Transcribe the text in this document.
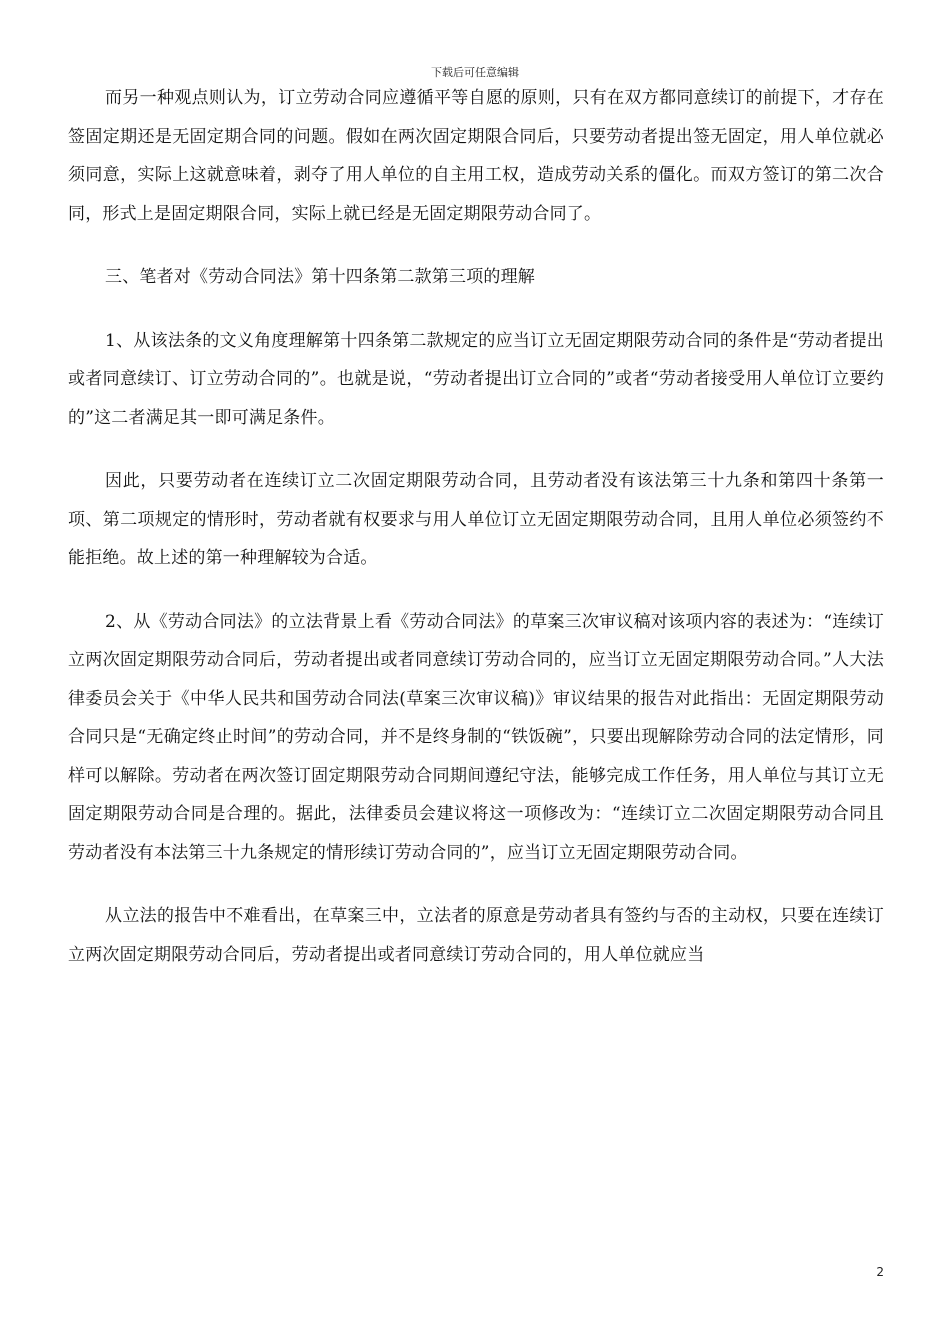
下载后可任意编辑

而另一种观点则认为，订立劳动合同应遵循平等自愿的原则，只有在双方都同意续订的前提下，才存在签固定期还是无固定期合同的问题。假如在两次固定期限合同后，只要劳动者提出签无固定，用人单位就必须同意，实际上这就意味着，剥夺了用人单位的自主用工权，造成劳动关系的僵化。而双方签订的第二次合同，形式上是固定期限合同，实际上就已经是无固定期限劳动合同了。

三、笔者对《劳动合同法》第十四条第二款第三项的理解

1、从该法条的文义角度理解第十四条第二款规定的应当订立无固定期限劳动合同的条件是“劳动者提出或者同意续订、订立劳动合同的”。也就是说，“劳动者提出订立合同的”或者“劳动者接受用人单位订立要约的”这二者满足其一即可满足条件。

因此，只要劳动者在连续订立二次固定期限劳动合同，且劳动者没有该法第三十九条和第四十条第一项、第二项规定的情形时，劳动者就有权要求与用人单位订立无固定期限劳动合同，且用人单位必须签约不能拒绝。故上述的第一种理解较为合适。

2、从《劳动合同法》的立法背景上看《劳动合同法》的草案三次审议稿对该项内容的表述为：“连续订立两次固定期限劳动合同后，劳动者提出或者同意续订劳动合同的，应当订立无固定期限劳动合同。”人大法律委员会关于《中华人民共和国劳动合同法(草案三次审议稿)》审议结果的报告对此指出：无固定期限劳动合同只是“无确定终止时间”的劳动合同，并不是终身制的“铁饭碗”，只要出现解除劳动合同的法定情形，同样可以解除。劳动者在两次签订固定期限劳动合同期间遵纪守法，能够完成工作任务，用人单位与其订立无固定期限劳动合同是合理的。据此，法律委员会建议将这一项修改为：“连续订立二次固定期限劳动合同且劳动者没有本法第三十九条规定的情形续订劳动合同的”，应当订立无固定期限劳动合同。

从立法的报告中不难看出，在草案三中，立法者的原意是劳动者具有签约与否的主动权，只要在连续订立两次固定期限劳动合同后，劳动者提出或者同意续订劳动合同的，用人单位就应当

2
